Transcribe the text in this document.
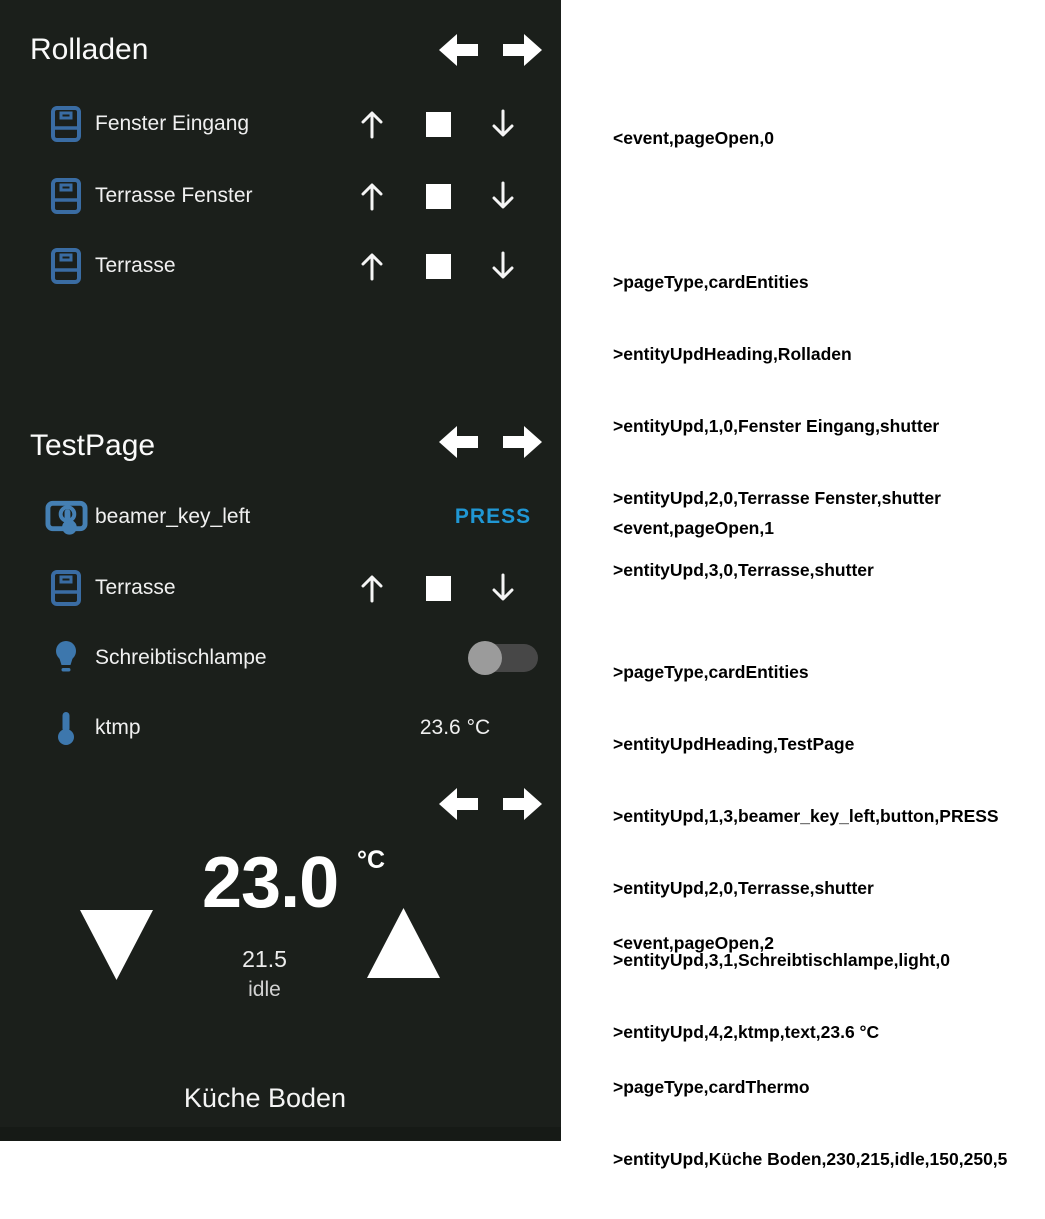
Rolladen
Fenster Eingang
Terrasse Fenster
Terrasse
TestPage
beamer_key_left	PRESS
Terrasse
Schreibtischlampe
ktmp	23.6 °C
23.0 °C
21.5
idle
Küche Boden

<event,pageOpen,0

>pageType,cardEntities

>entityUpdHeading,Rolladen

>entityUpd,1,0,Fenster Eingang,shutter

>entityUpd,2,0,Terrasse Fenster,shutter

>entityUpd,3,0,Terrasse,shutter

<event,pageOpen,1

>pageType,cardEntities

>entityUpdHeading,TestPage

>entityUpd,1,3,beamer_key_left,button,PRESS

>entityUpd,2,0,Terrasse,shutter

>entityUpd,3,1,Schreibtischlampe,light,0

>entityUpd,4,2,ktmp,text,23.6 °C

<event,pageOpen,2

>pageType,cardThermo

>entityUpd,Küche Boden,230,215,idle,150,250,5
